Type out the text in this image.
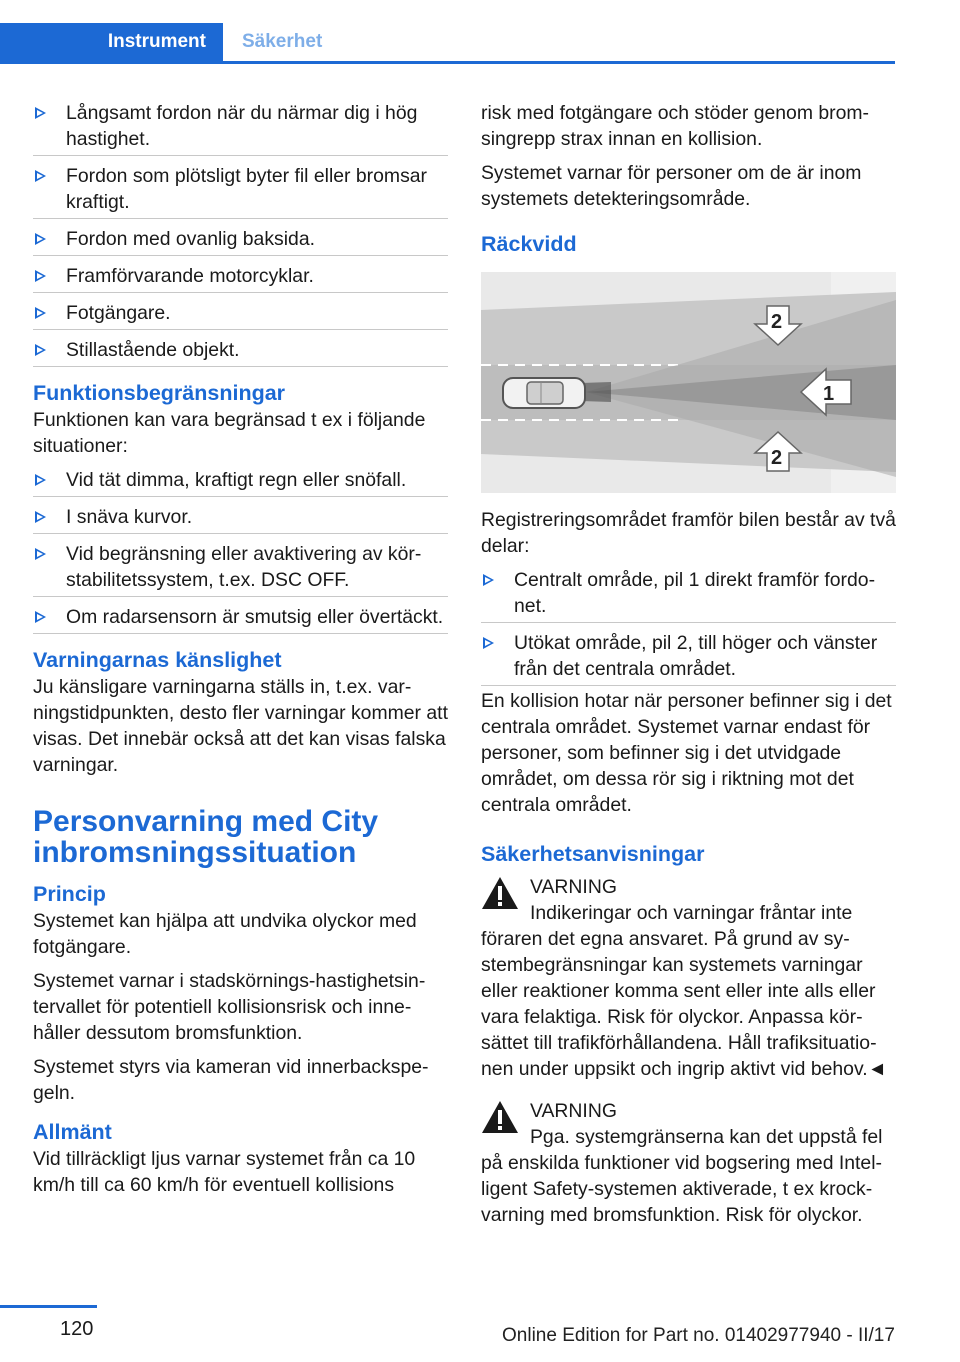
Instrument Säkerhet
Långsamt fordon när du närmar dig i hög hastighet.
Fordon som plötsligt byter fil eller bromsar kraftigt.
Fordon med ovanlig baksida.
Framförvarande motorcyklar.
Fotgängare.
Stillastående objekt.
Funktionsbegränsningar

Funktionen kan vara begränsad t ex i följande situationer:

Vid tät dimma, kraftigt regn eller snöfall.
I snäva kurvor.
Vid begränsning eller avaktivering av körstabilitetssystem, t.ex. DSC OFF.
Om radarsensorn är smutsig eller övertäckt.
Varningarnas känslighet

Ju känsligare varningarna ställs in, t.ex. varningstidpunkten, desto fler varningar kommer att visas. Det innebär också att det kan visas falska varningar.

Personvarning med City inbromsningssituation
Princip

Systemet kan hjälpa att undvika olyckor med fotgängare.

Systemet varnar i stadskörnings-hastighetsintervallet för potentiell kollisionsrisk och innehåller dessutom bromsfunktion.

Systemet styrs via kameran vid innerbackspegeln.

Allmänt

Vid tillräckligt ljus varnar systemet från ca 10 km/h till ca 60 km/h för eventuell kollisions

risk med fotgängare och stöder genom bromsingrepp strax innan en kollision.

Systemet varnar för personer om de är inom systemets detekteringsområde.

Räckvidd
1
2
2

Registreringsområdet framför bilen består av två delar:

Centralt område, pil 1 direkt framför fordonet.
Utökat område, pil 2, till höger och vänster från det centrala området.

En kollision hotar när personer befinner sig i det centrala området. Systemet varnar endast för personer, som befinner sig i det utvidgade området, om dessa rör sig i riktning mot det centrala området.

Säkerhetsanvisningar

VARNING

Indikeringar och varningar fråntar inte föraren det egna ansvaret. På grund av systembegränsningar kan systemets varningar eller reaktioner komma sent eller inte alls eller vara felaktiga. Risk för olyckor. Anpassa körsättet till trafikförhållandena. Håll trafiksituationen under uppsikt och ingrip aktivt vid behov.◄

VARNING

Pga. systemgränserna kan det uppstå fel på enskilda funktioner vid bogsering med Intelligent Safety-systemen aktiverade, t ex krockvarning med bromsfunktion. Risk för olyckor.

120	Online Edition for Part no. 01402977940 - II/17
